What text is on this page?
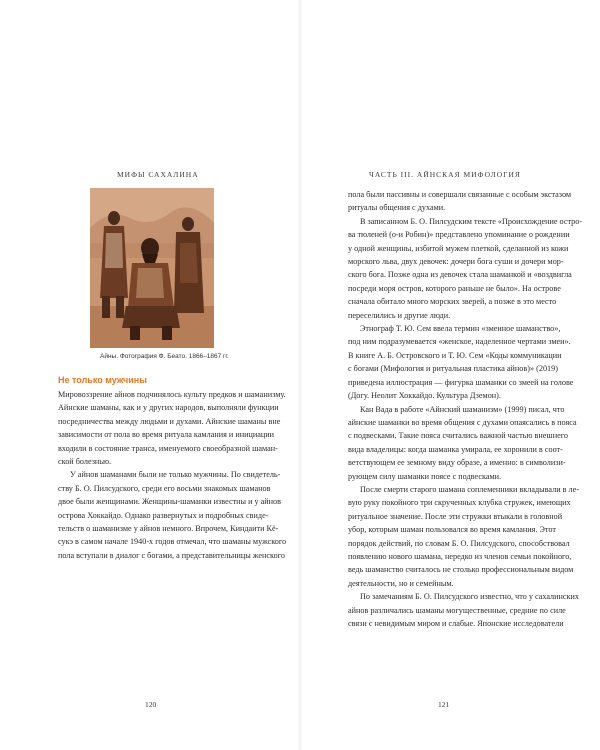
МИФЫ САХАЛИНА
Айны. Фотография Ф. Беато. 1866–1867 гг.
Не только мужчины
Мировоззрение айнов подчинялось культу предков и шаманизму.
Айнские шаманы, как и у других народов, выполняли функции
посредничества между людьми и духами. Айнские шаманы вне
зависимости от пола во время ритуала камлания и инициации
входили в состояние транса, именуемого своеобразной шаман-
ской болезнью.
У айнов шаманами были не только мужчины. По свидетель-
ству Б. О. Пилсудского, среди его восьми знакомых шаманов
двое были женщинами. Женщины-шаманки известны и у айнов
острова Хоккайдо. Однако развернутых и подробных свиде-
тельств о шаманизме у айнов немного. Впрочем, Киндаити Кё-
сукэ в самом начале 1940-х годов отмечал, что шаманы мужского
пола вступали в диалог с богами, а представительницы женского
120
ЧАСТЬ III. АЙНСКАЯ МИФОЛОГИЯ
пола были пассивны и совершали связанные с особым экстазом
ритуалы общения с духами.
В записанном Б. О. Пилсудским тексте «Происхождение остро-
ва тюленей (о-и Робин)» представлено упоминание о рождении
у одной женщины, избитой мужем плеткой, сделанной из кожи
морского льва, двух девочек: дочери бога суши и дочери мор-
ского бога. Позже одна из девочек стала шаманкой и «воздвигла
посреди моря остров, которого раньше не было». На острове
сначала обитало много морских зверей, а позже в это место
переселились и другие люди.
Этнограф Т. Ю. Сем ввела термин «змеиное шаманство»,
под ним подразумевается «женское, наделенное чертами змеи».
В книге А. Б. Островского и Т. Ю. Сем «Коды коммуникации
с богами (Мифология и ритуальная пластика айнов)» (2019)
приведена иллюстрация — фигурка шаманки со змеей на голове
(Догу. Неолит Хоккайдо. Культура Дземон).
Кан Вада в работе «Айнский шаманизм» (1999) писал, что
айнские шаманки во время общения с духами опаясались в пояса
с подвесками. Такие пояса считались важной частью внешнего
вида владелицы: когда шаманка умирала, ее хоронили в соот-
ветствующем ее земному виду образе, а именно: в символизи-
рующем силу шаманки поясе с подвесками.
После смерти старого шамана соплеменники вкладывали в ле-
вую руку покойного три скрученных клубка стружек, имеющих
ритуальное значение. После эти стружки втыкали в головной
убор, которым шаман пользовался во время камлания. Этот
порядок действий, по словам Б. О. Пилсудского, способствовал
появлению нового шамана, нередко из членов семьи покойного,
ведь шаманство считалось не столько профессиональным видом
деятельности, но и семейным.
По замечаниям Б. О. Пилсудского известно, что у сахалинских
айнов различались шаманы могущественные, средние по силе
связи с невидимым миром и слабые. Японские исследователи
121
